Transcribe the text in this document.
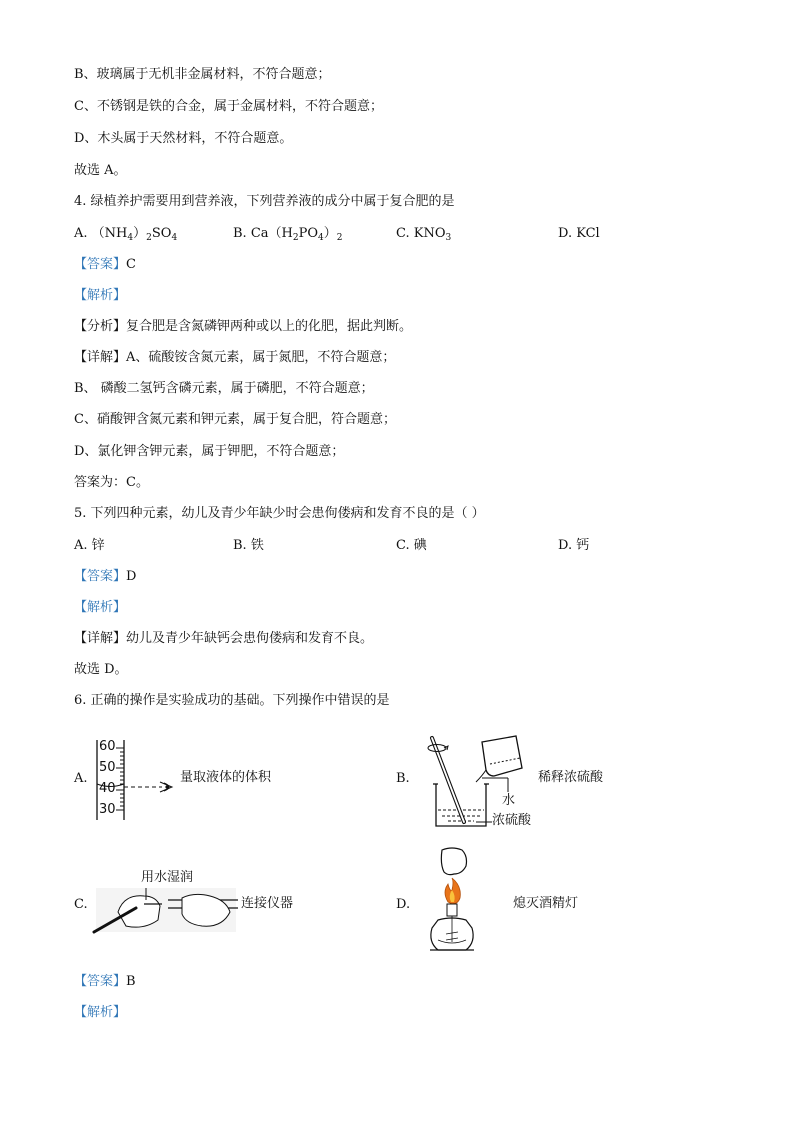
B、玻璃属于无机非金属材料，不符合题意；
C、不锈钢是铁的合金，属于金属材料，不符合题意；
D、木头属于天然材料，不符合题意。
故选 A。
4. 绿植养护需要用到营养液，下列营养液的成分中属于复合肥的是
A. $(NH_4)_2SO_4$	B. $Ca(H_2PO_4)_2$	C. $KNO_3$	D. KCl
【答案】C
【解析】
【分析】复合肥是含氮磷钾两种或以上的化肥，据此判断。
【详解】A、硫酸铵含氮元素，属于氮肥，不符合题意；
B、 磷酸二氢钙含磷元素，属于磷肥，不符合题意；
C、硝酸钾含氮元素和钾元素，属于复合肥，符合题意；
D、氯化钾含钾元素，属于钾肥，不符合题意；
答案为：C。
5. 下列四种元素，幼儿及青少年缺少时会患佝偻病和发育不良的是（ ）
A. 锌	B. 铁	C. 碘	D. 钙
【答案】D
【解析】
【详解】幼儿及青少年缺钙会患佝偻病和发育不良。
故选 D。
6. 正确的操作是实验成功的基础。下列操作中错误的是
A.
60
50
40
30
量取液体的体积	B.
水
浓硫酸
稀释浓硫酸
C.
用水湿润
连接仪器	D.	熄灭酒精灯
【答案】B
【解析】
